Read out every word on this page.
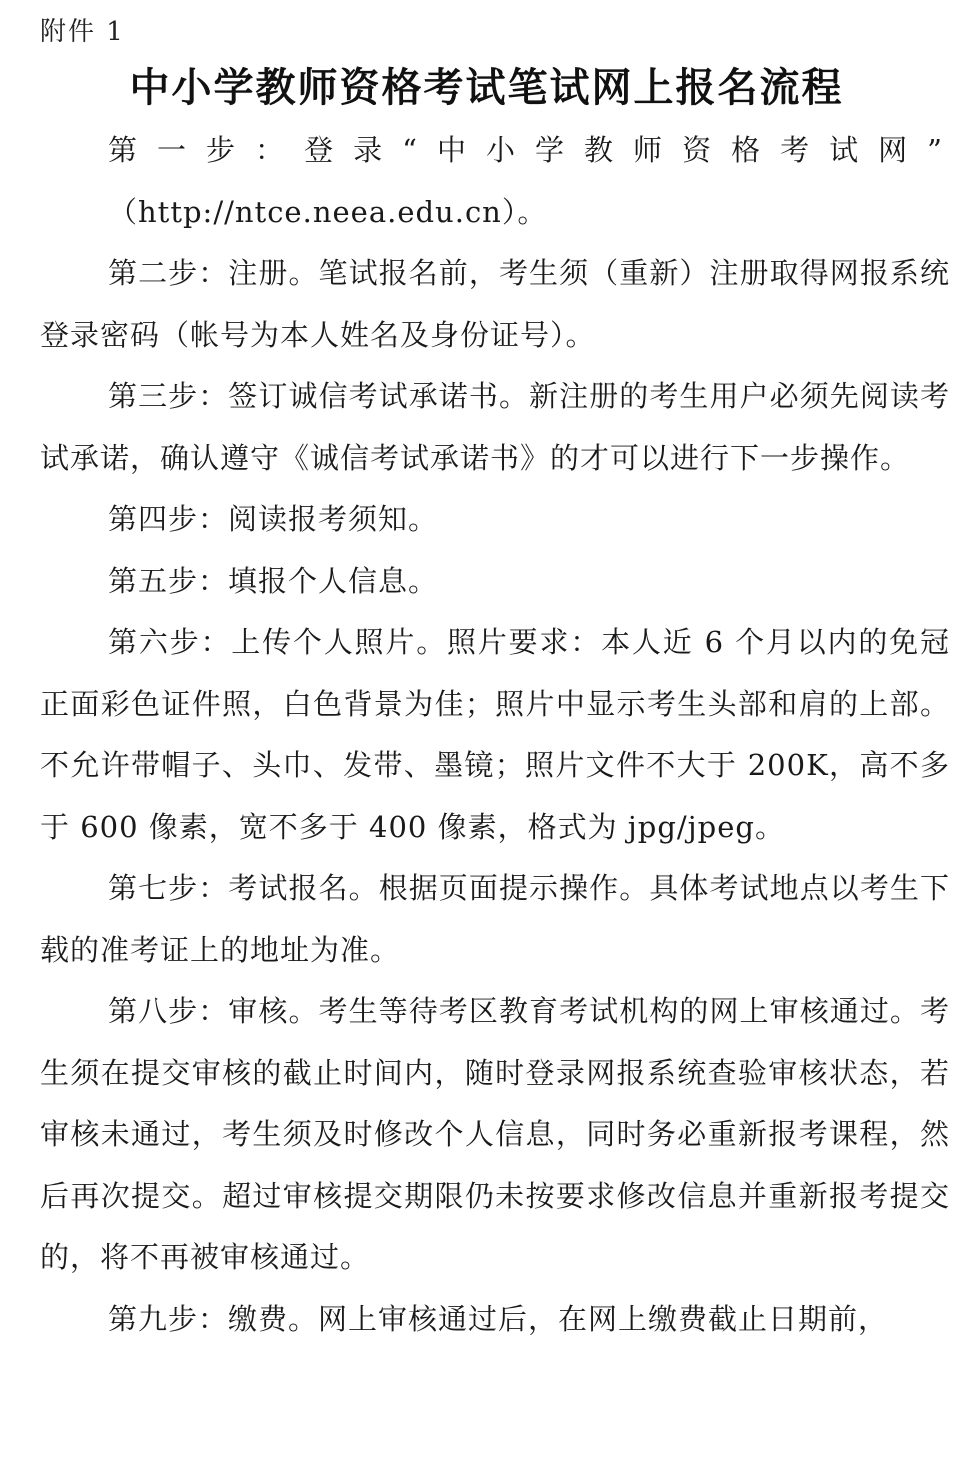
附件 1
中小学教师资格考试笔试网上报名流程

第一步：登录“中小学教师资格考试网”

（http://ntce.neea.edu.cn）。

第二步：注册。笔试报名前，考生须（重新）注册取得网报系统登录密码（帐号为本人姓名及身份证号）。

第三步：签订诚信考试承诺书。新注册的考生用户必须先阅读考试承诺，确认遵守《诚信考试承诺书》的才可以进行下一步操作。

第四步：阅读报考须知。

第五步：填报个人信息。

第六步：上传个人照片。照片要求：本人近 6 个月以内的免冠正面彩色证件照，白色背景为佳；照片中显示考生头部和肩的上部。不允许带帽子、头巾、发带、墨镜；照片文件不大于 200K，高不多于 600 像素，宽不多于 400 像素，格式为 jpg/jpeg。

第七步：考试报名。根据页面提示操作。具体考试地点以考生下载的准考证上的地址为准。

第八步：审核。考生等待考区教育考试机构的网上审核通过。考生须在提交审核的截止时间内，随时登录网报系统查验审核状态，若审核未通过，考生须及时修改个人信息，同时务必重新报考课程，然后再次提交。超过审核提交期限仍未按要求修改信息并重新报考提交的，将不再被审核通过。

第九步：缴费。网上审核通过后，在网上缴费截止日期前，
